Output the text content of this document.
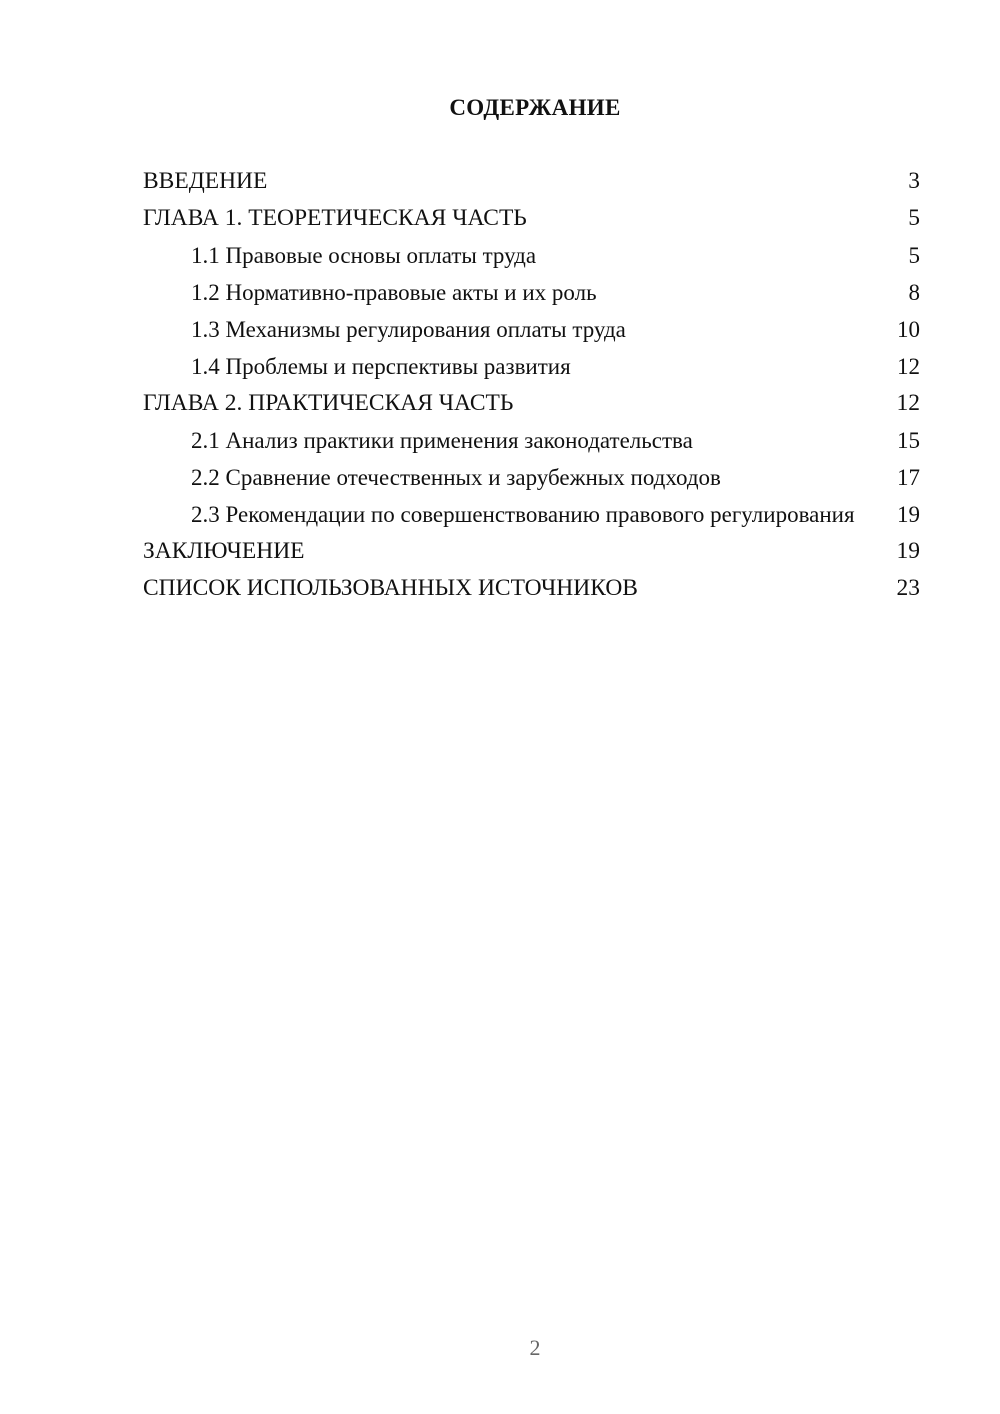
СОДЕРЖАНИЕ
ВВЕДЕНИЕ	3
ГЛАВА 1. ТЕОРЕТИЧЕСКАЯ ЧАСТЬ	5
1.1 Правовые основы оплаты труда	5
1.2 Нормативно-правовые акты и их роль	8
1.3 Механизмы регулирования оплаты труда	10
1.4 Проблемы и перспективы развития	12
ГЛАВА 2. ПРАКТИЧЕСКАЯ ЧАСТЬ	12
2.1 Анализ практики применения законодательства	15
2.2 Сравнение отечественных и зарубежных подходов	17
2.3 Рекомендации по совершенствованию правового регулирования	19
ЗАКЛЮЧЕНИЕ	19
СПИСОК ИСПОЛЬЗОВАННЫХ ИСТОЧНИКОВ	23
2
